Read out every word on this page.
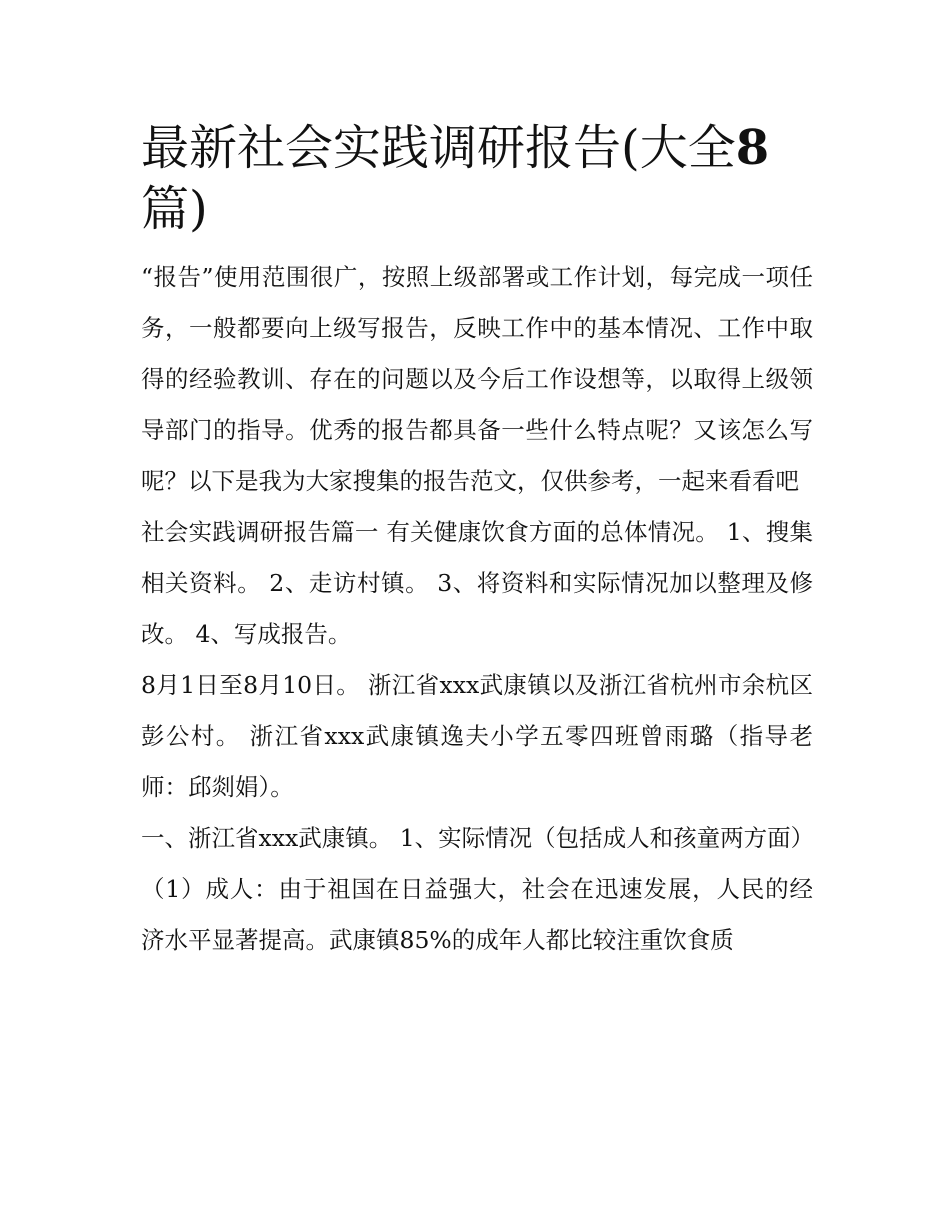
最新社会实践调研报告(大全8
篇)

“报告”使用范围很广，按照上级部署或工作计划，每完成一项任务，一般都要向上级写报告，反映工作中的基本情况、工作中取得的经验教训、存在的问题以及今后工作设想等，以取得上级领导部门的指导。优秀的报告都具备一些什么特点呢？又该怎么写呢？以下是我为大家搜集的报告范文，仅供参考，一起来看看吧

社会实践调研报告篇一 有关健康饮食方面的总体情况。 1、搜集相关资料。 2、走访村镇。 3、将资料和实际情况加以整理及修改。 4、写成报告。

8月1日至8月10日。 浙江省xxx武康镇以及浙江省杭州市余杭区彭公村。 浙江省xxx武康镇逸夫小学五零四班曾雨璐（指导老师：邱剡娟）。

一、浙江省xxx武康镇。 1、实际情况（包括成人和孩童两方面）

（1）成人：由于祖国在日益强大，社会在迅速发展，人民的经济水平显著提高。武康镇85%的成年人都比较注重饮食质
